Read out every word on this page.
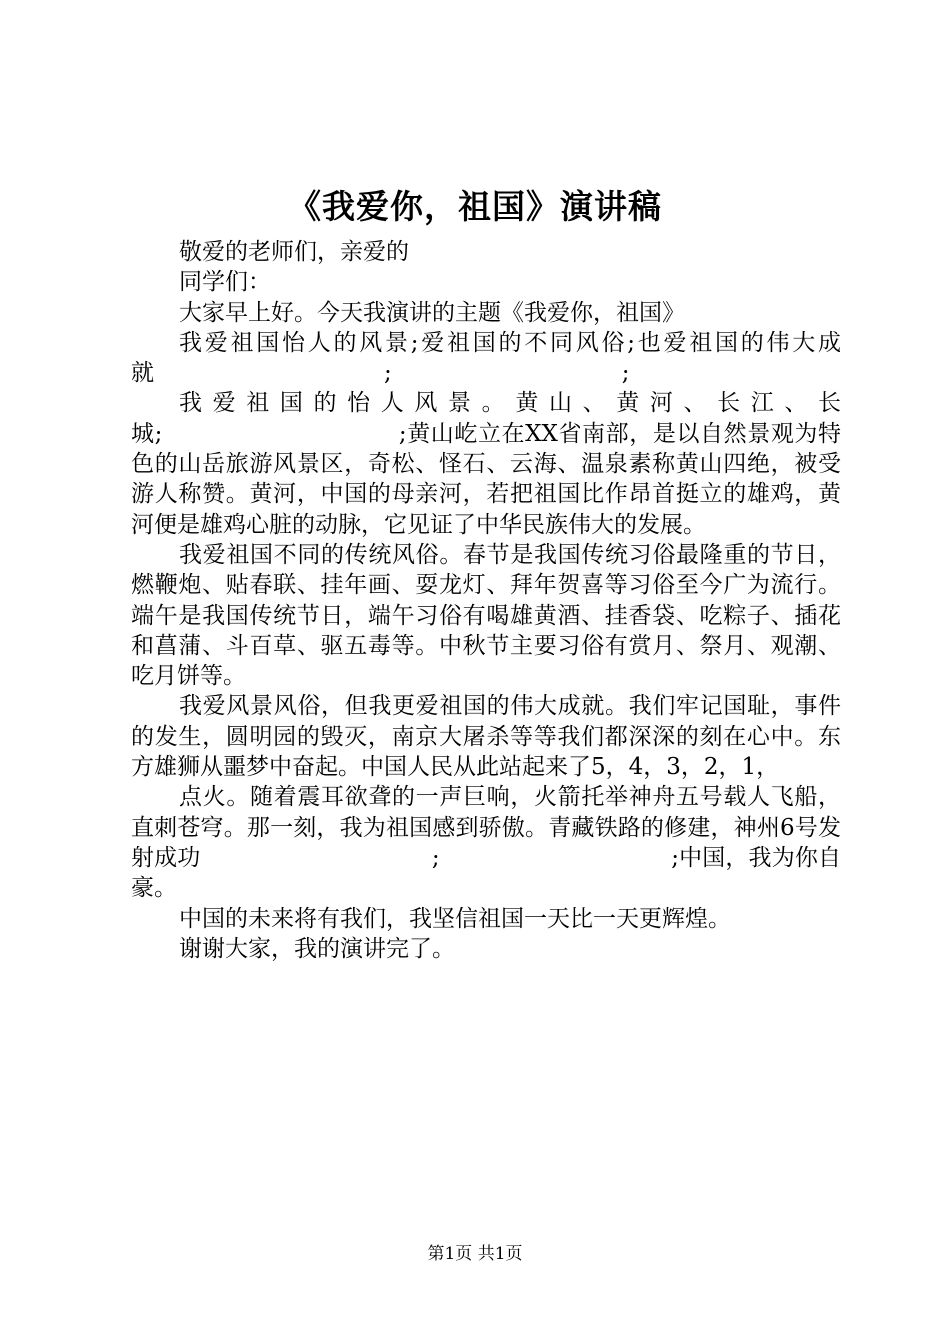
《我爱你，祖国》演讲稿

敬爱的老师们，亲爱的

同学们：

大家早上好。今天我演讲的主题《我爱你，祖国》

我爱祖国怡人的风景;爱祖国的不同风俗;也爱祖国的伟大成就　　　　　　　　　　;　　　　　　　　　　;

我爱祖国的怡人风景。黄山、黄河、长江、长城;　　　　　　　　　　;黄山屹立在XX省南部，是以自然景观为特色的山岳旅游风景区，奇松、怪石、云海、温泉素称黄山四绝，被受游人称赞。黄河，中国的母亲河，若把祖国比作昂首挺立的雄鸡，黄河便是雄鸡心脏的动脉，它见证了中华民族伟大的发展。

我爱祖国不同的传统风俗。春节是我国传统习俗最隆重的节日，燃鞭炮、贴春联、挂年画、耍龙灯、拜年贺喜等习俗至今广为流行。端午是我国传统节日，端午习俗有喝雄黄酒、挂香袋、吃粽子、插花和菖蒲、斗百草、驱五毒等。中秋节主要习俗有赏月、祭月、观潮、吃月饼等。

我爱风景风俗，但我更爱祖国的伟大成就。我们牢记国耻，事件的发生，圆明园的毁灭，南京大屠杀等等我们都深深的刻在心中。东方雄狮从噩梦中奋起。中国人民从此站起来了5，4，3，2，1，

点火。随着震耳欲聋的一声巨响，火箭托举神舟五号载人飞船，直刺苍穹。那一刻，我为祖国感到骄傲。青藏铁路的修建，神州6号发射成功　　　　　　　　　　;　　　　　　　　　　;中国，我为你自豪。

中国的未来将有我们，我坚信祖国一天比一天更辉煌。

谢谢大家，我的演讲完了。

第1页 共1页
